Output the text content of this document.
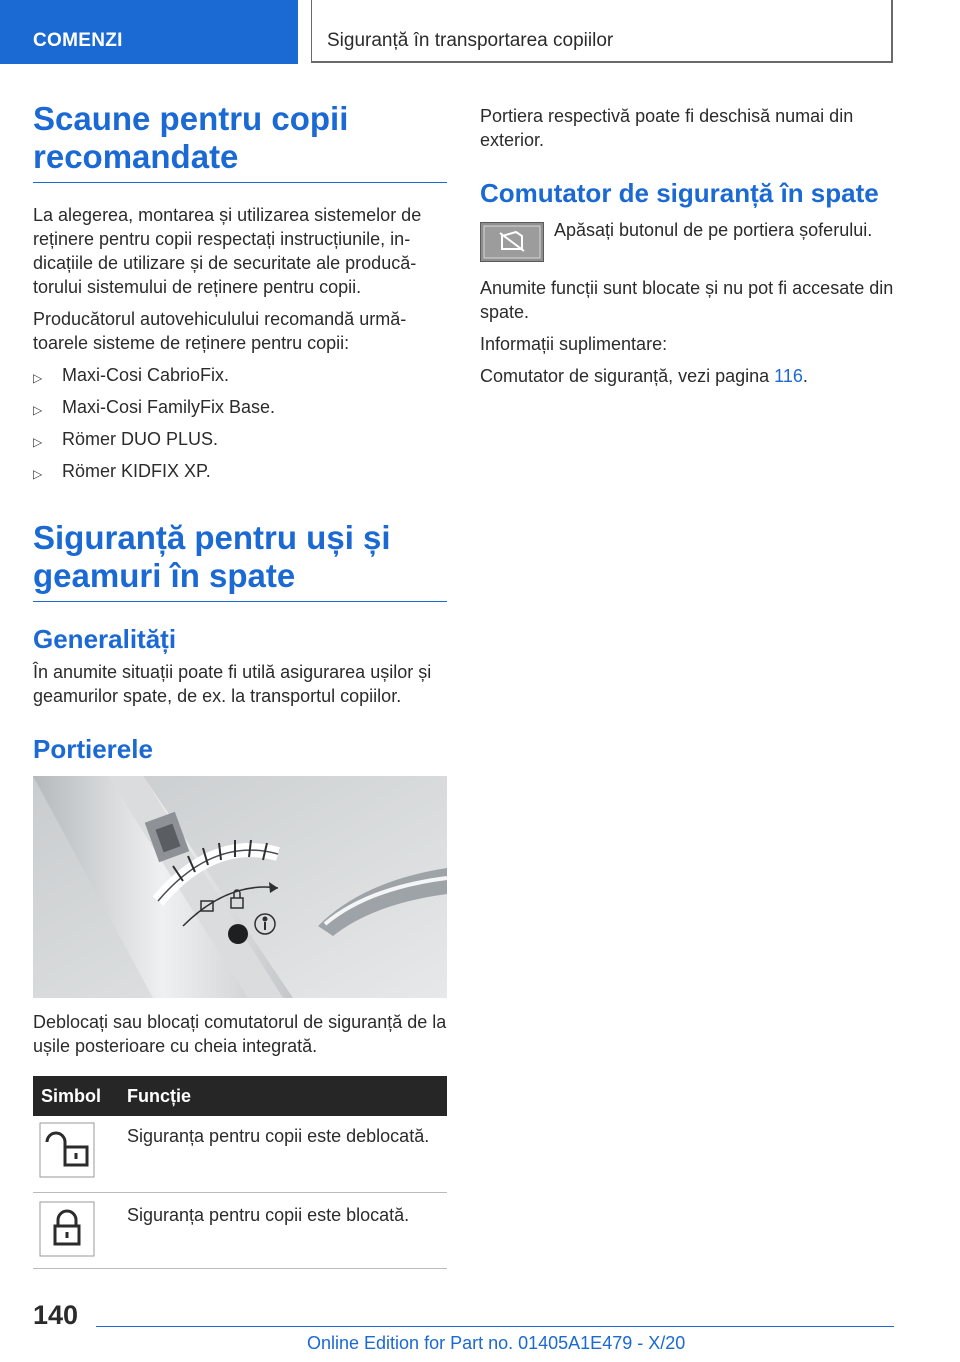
COMENZI	Siguranță în transportarea copiilor
Scaune pentru copii recomandate

La alegerea, montarea și utilizarea sistemelor de reținere pentru copii respectați instrucțiunile, in-dicațiile de utilizare și de securitate ale producă-torului sistemului de reținere pentru copii.

Producătorul autovehiculului recomandă urmă-toarele sisteme de reținere pentru copii:

▷ Maxi-Cosi CabrioFix.
▷ Maxi-Cosi FamilyFix Base.
▷ Römer DUO PLUS.
▷ Römer KIDFIX XP.
Siguranță pentru uși și geamuri în spate
Generalități

În anumite situații poate fi utilă asigurarea ușilor și geamurilor spate, de ex. la transportul copiilor.

Portierele

Deblocați sau blocați comutatorul de siguranță de la ușile posterioare cu cheia integrată.

Simbol	Funcție
	Siguranța pentru copii este deblocată.
	Siguranța pentru copii este blocată.

Portiera respectivă poate fi deschisă numai din exterior.

Comutator de siguranță în spate

Apăsați butonul de pe portiera șoferului.

Anumite funcții sunt blocate și nu pot fi accesate din spate.

Informații suplimentare:

Comutator de siguranță, vezi pagina 116.

140
Online Edition for Part no. 01405A1E479 - X/20
